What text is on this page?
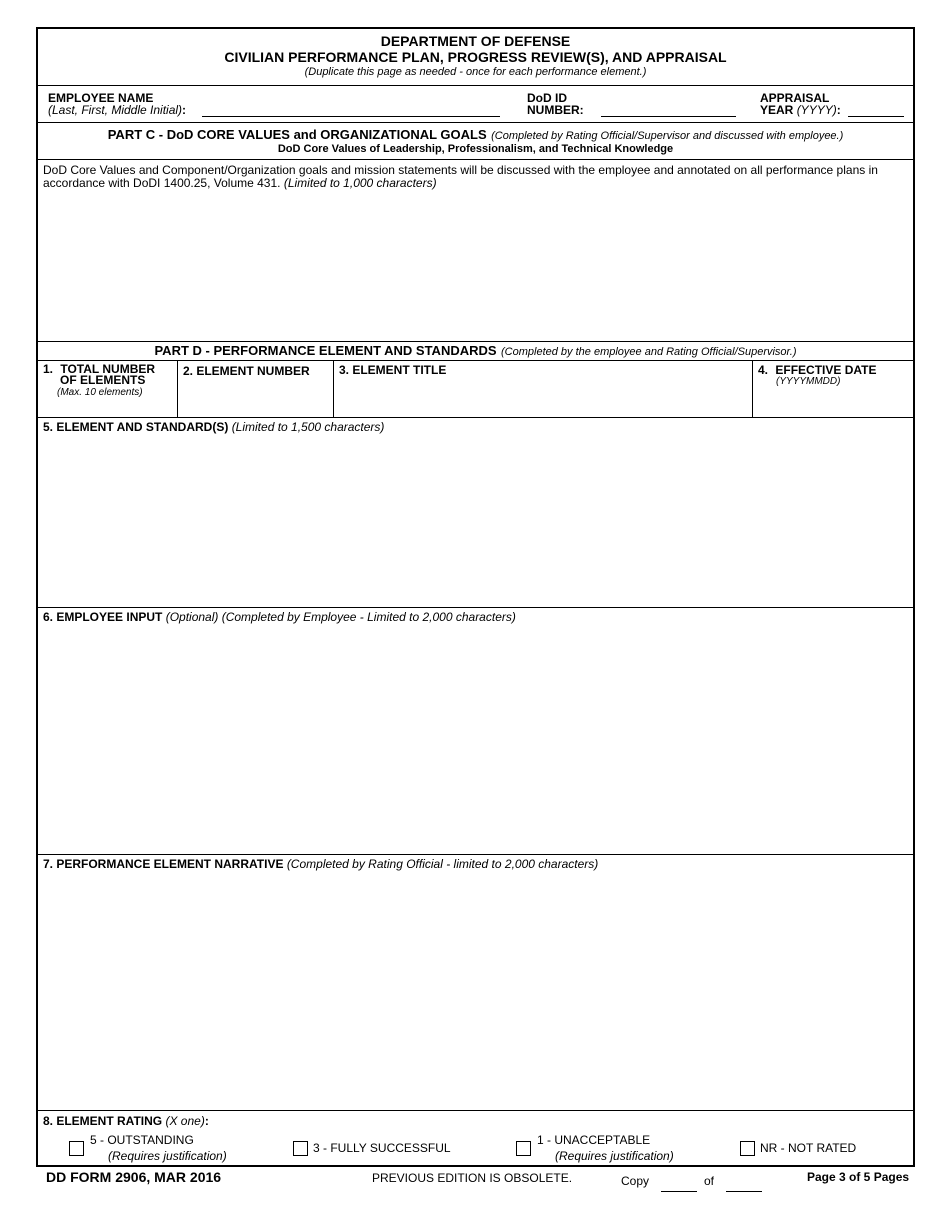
DEPARTMENT OF DEFENSE
CIVILIAN PERFORMANCE PLAN, PROGRESS REVIEW(S), AND APPRAISAL
(Duplicate this page as needed - once for each performance element.)
EMPLOYEE NAME
(Last, First, Middle Initial):
DoD ID
NUMBER:
APPRAISAL
YEAR (YYYY):
PART C - DoD CORE VALUES and ORGANIZATIONAL GOALS (Completed by Rating Official/Supervisor and discussed with employee.)
DoD Core Values of Leadership, Professionalism, and Technical Knowledge
DoD Core Values and Component/Organization goals and mission statements will be discussed with the employee and annotated on all performance plans in accordance with DoDI 1400.25, Volume 431. (Limited to 1,000 characters)
PART D - PERFORMANCE ELEMENT AND STANDARDS (Completed by the employee and Rating Official/Supervisor.)
1. TOTAL NUMBER
OF ELEMENTS
(Max. 10 elements)
2. ELEMENT NUMBER 3. ELEMENT TITLE	4. EFFECTIVE DATE
(YYYYMMDD)
5. ELEMENT AND STANDARD(S) (Limited to 1,500 characters)
6. EMPLOYEE INPUT (Optional) (Completed by Employee - Limited to 2,000 characters)
7. PERFORMANCE ELEMENT NARRATIVE (Completed by Rating Official - limited to 2,000 characters)
8. ELEMENT RATING (X one):
5 - OUTSTANDING
(Requires justification)
3 - FULLY SUCCESSFUL
1 - UNACCEPTABLE
(Requires justification)
NR - NOT RATED
DD FORM 2906, MAR 2016	PREVIOUS EDITION IS OBSOLETE.	Copy	of	Page 3 of 5 Pages
